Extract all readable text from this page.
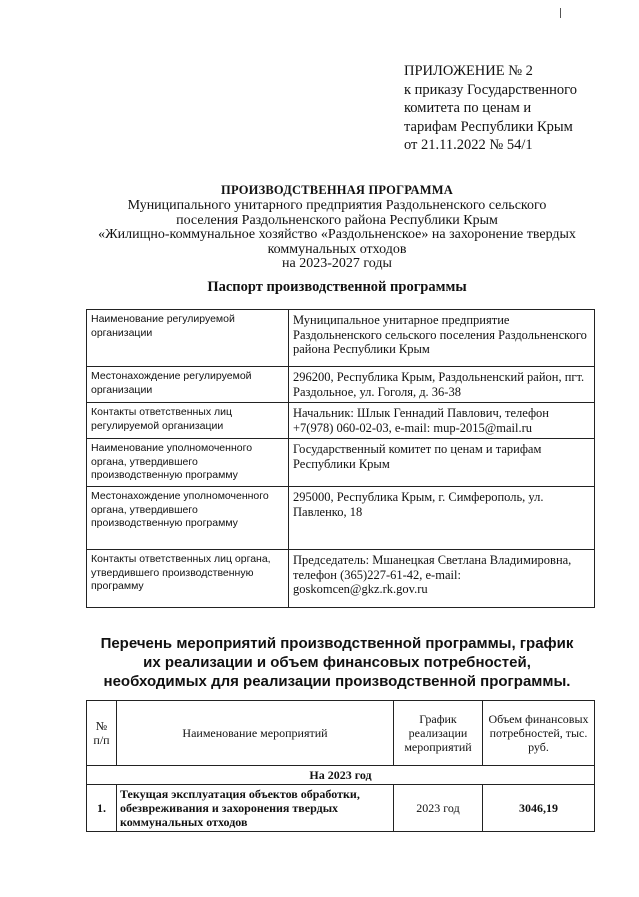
ПРИЛОЖЕНИЕ № 2
к приказу Государственного
комитета по ценам и
тарифам Республики Крым
от 21.11.2022 № 54/1
ПРОИЗВОДСТВЕННАЯ ПРОГРАММА
Муниципального унитарного предприятия Раздольненского сельского
поселения Раздольненского района Республики Крым
«Жилищно-коммунальное хозяйство «Раздольненское» на захоронение твердых
коммунальных отходов
на 2023-2027 годы
Паспорт производственной программы
Наименование регулируемой организации	Муниципальное унитарное предприятие Раздольненского сельского поселения Раздольненского района Республики Крым
Местонахождение регулируемой организации	296200, Республика Крым, Раздольненский район, пгт. Раздольное, ул. Гоголя, д. 36-38
Контакты ответственных лиц регулируемой организации	Начальник: Шлык Геннадий Павлович, телефон +7(978) 060-02-03, e-mail: mup-2015@mail.ru
Наименование уполномоченного органа, утвердившего производственную программу	Государственный комитет по ценам и тарифам Республики Крым
Местонахождение уполномоченного органа, утвердившего производственную программу	295000, Республика Крым, г. Симферополь, ул. Павленко, 18
Контакты ответственных лиц органа, утвердившего производственную программу	Председатель: Мшанецкая Светлана Владимировна, телефон (365)227-61-42, e-mail: goskomcen@gkz.rk.gov.ru
Перечень мероприятий производственной программы, график их реализации и объем финансовых потребностей, необходимых для реализации производственной программы.
№ п/п	Наименование мероприятий	График реализации мероприятий	Объем финансовых потребностей, тыс. руб.
На 2023 год			
1.	Текущая эксплуатация объектов обработки, обезвреживания и захоронения твердых коммунальных отходов	2023 год	3046,19
